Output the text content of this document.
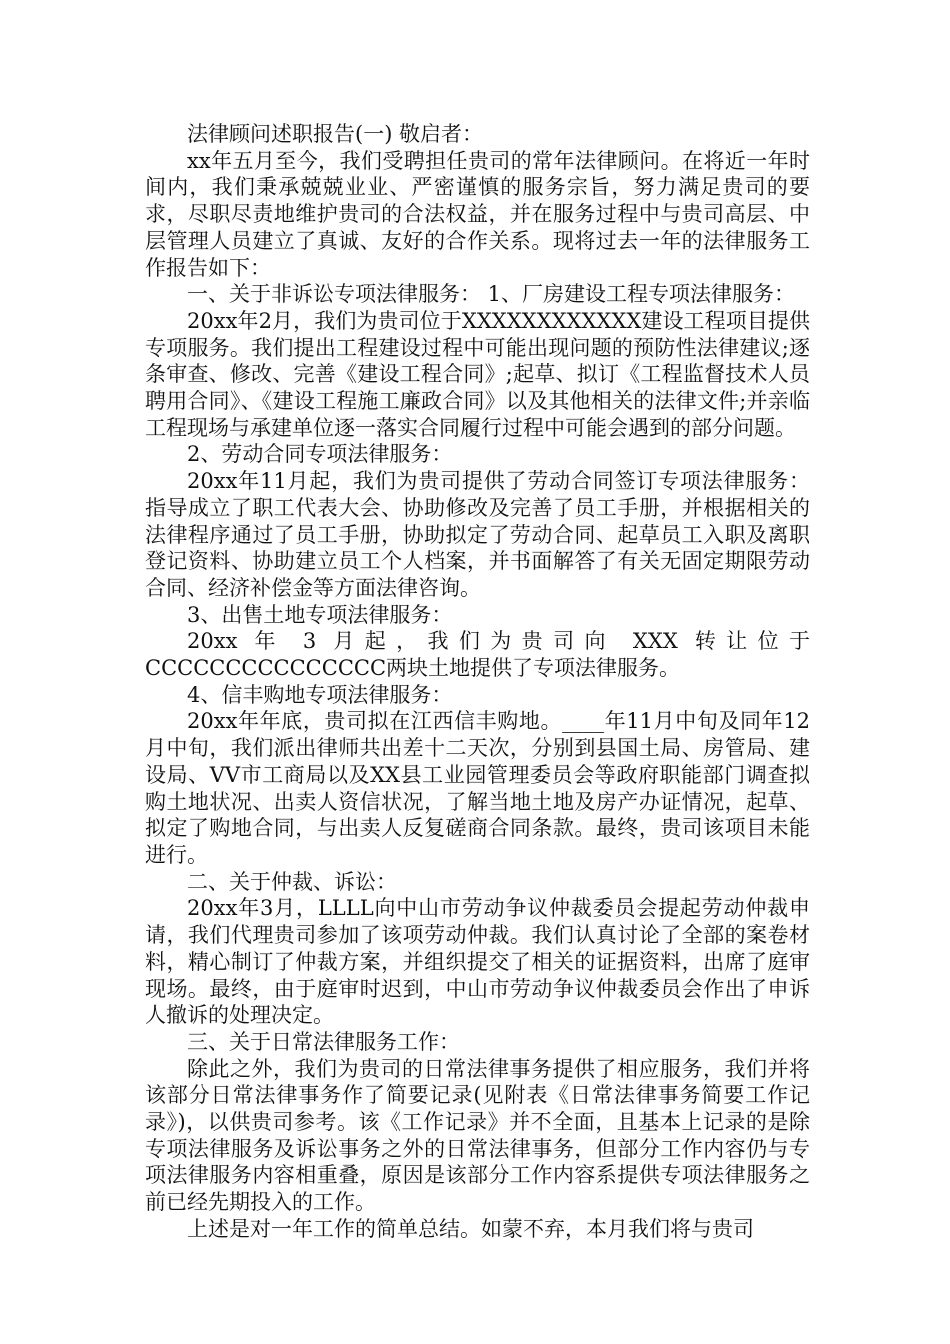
法律顾问述职报告(一) 敬启者：

xx年五月至今，我们受聘担任贵司的常年法律顾问。在将近一年时间内，我们秉承兢兢业业、严密谨慎的服务宗旨，努力满足贵司的要求，尽职尽责地维护贵司的合法权益，并在服务过程中与贵司高层、中层管理人员建立了真诚、友好的合作关系。现将过去一年的法律服务工作报告如下：

一、关于非诉讼专项法律服务： 1、厂房建设工程专项法律服务：

20xx年2月，我们为贵司位于XXXXXXXXXXXX建设工程项目提供专项服务。我们提出工程建设过程中可能出现问题的预防性法律建议;逐条审查、修改、完善《建设工程合同》;起草、拟订《工程监督技术人员聘用合同》、《建设工程施工廉政合同》以及其他相关的法律文件;并亲临工程现场与承建单位逐一落实合同履行过程中可能会遇到的部分问题。

2、劳动合同专项法律服务：

20xx年11月起，我们为贵司提供了劳动合同签订专项法律服务：指导成立了职工代表大会、协助修改及完善了员工手册，并根据相关的法律程序通过了员工手册，协助拟定了劳动合同、起草员工入职及离职登记资料、协助建立员工个人档案，并书面解答了有关无固定期限劳动合同、经济补偿金等方面法律咨询。

3、出售土地专项法律服务：

20xx 年 3 月起，我们为贵司向 XXX 转让位于CCCCCCCCCCCCCCC两块土地提供了专项法律服务。

4、信丰购地专项法律服务：

20xx年年底，贵司拟在江西信丰购地。____年11月中旬及同年12月中旬，我们派出律师共出差十二天次，分别到县国土局、房管局、建设局、VV市工商局以及XX县工业园管理委员会等政府职能部门调查拟购土地状况、出卖人资信状况，了解当地土地及房产办证情况，起草、拟定了购地合同，与出卖人反复磋商合同条款。最终，贵司该项目未能进行。

二、关于仲裁、诉讼：

20xx年3月，LLLL向中山市劳动争议仲裁委员会提起劳动仲裁申请，我们代理贵司参加了该项劳动仲裁。我们认真讨论了全部的案卷材料，精心制订了仲裁方案，并组织提交了相关的证据资料，出席了庭审现场。最终，由于庭审时迟到，中山市劳动争议仲裁委员会作出了申诉人撤诉的处理决定。

三、关于日常法律服务工作：

除此之外，我们为贵司的日常法律事务提供了相应服务，我们并将该部分日常法律事务作了简要记录(见附表《日常法律事务简要工作记录》)，以供贵司参考。该《工作记录》并不全面，且基本上记录的是除专项法律服务及诉讼事务之外的日常法律事务，但部分工作内容仍与专项法律服务内容相重叠，原因是该部分工作内容系提供专项法律服务之前已经先期投入的工作。

上述是对一年工作的简单总结。如蒙不弃，本月我们将与贵司
